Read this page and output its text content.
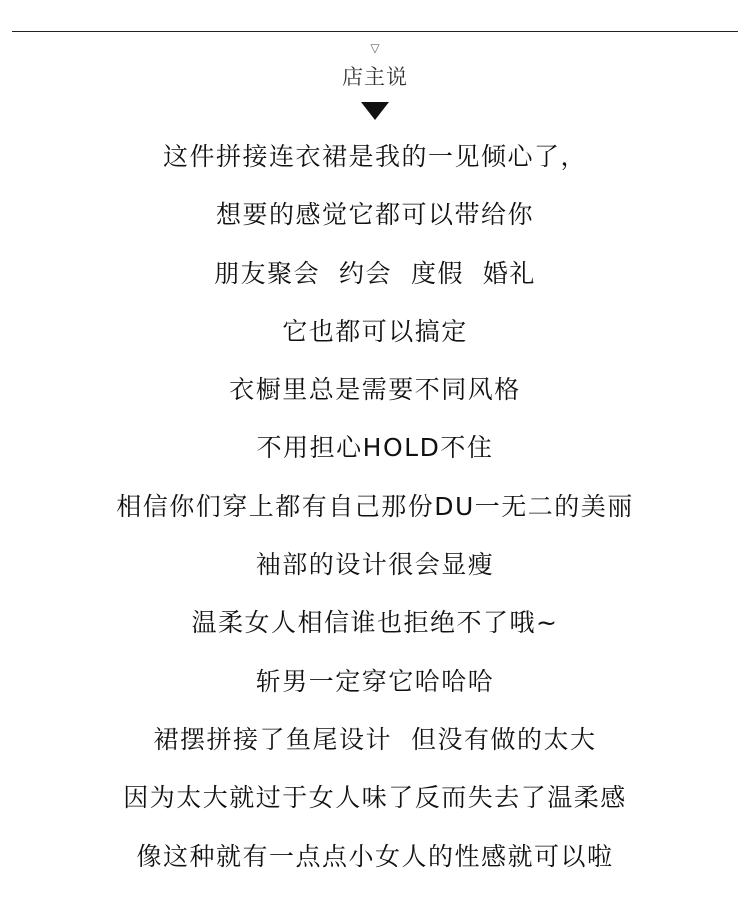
▽
店主说
这件拼接连衣裙是我的一见倾心了，
想要的感觉它都可以带给你
朋友聚会  约会  度假  婚礼
它也都可以搞定
衣橱里总是需要不同风格
不用担心HOLD不住
相信你们穿上都有自己那份DU一无二的美丽
袖部的设计很会显瘦
温柔女人相信谁也拒绝不了哦~
斩男一定穿它哈哈哈
裙摆拼接了鱼尾设计  但没有做的太大
因为太大就过于女人味了反而失去了温柔感
像这种就有一点点小女人的性感就可以啦
